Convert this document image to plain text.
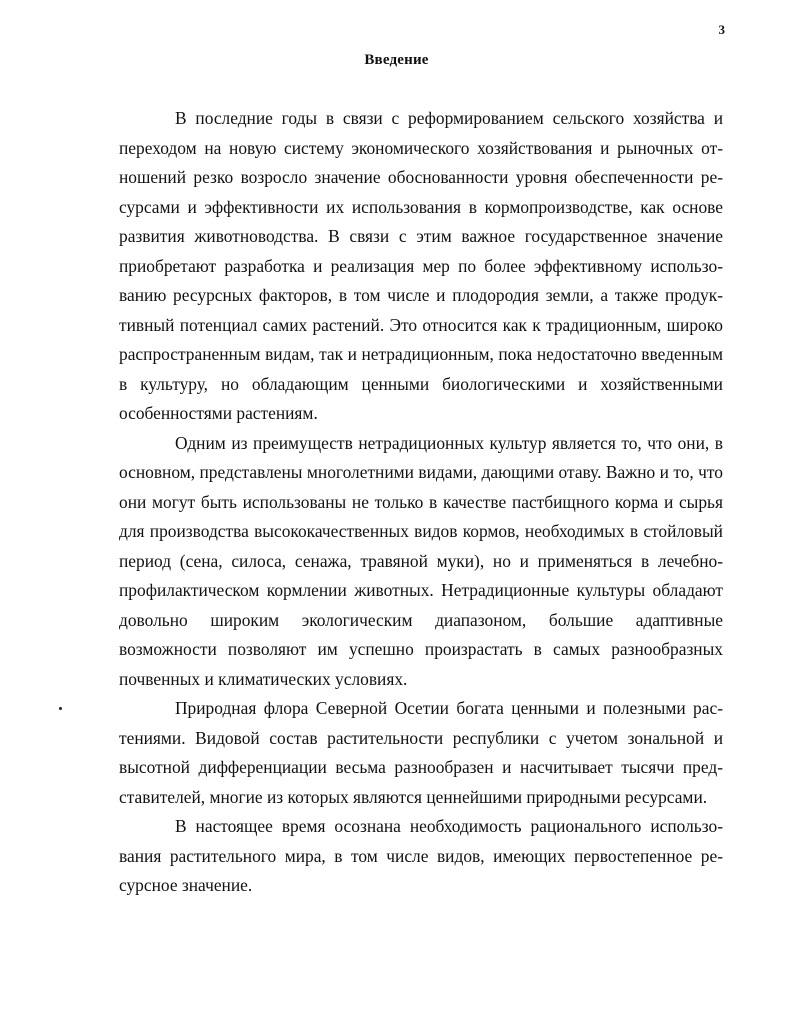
3
Введение

В последние годы в связи с реформированием сельского хозяйства и переходом на новую систему экономического хозяйствования и рыночных отношений резко возросло значение обоснованности уровня обеспеченности ресурсами и эффективности их использования в кормопроизводстве, как основе развития животноводства. В связи с этим важное государственное значение приобретают разработка и реализация мер по более эффективному использованию ресурсных факторов, в том числе и плодородия земли, а также продуктивный потенциал самих растений. Это относится как к традиционным, широко распространенным видам, так и нетрадиционным, пока недостаточно введенным в культуру, но обладающим ценными биологическими и хозяйственными особенностями растениям.

Одним из преимуществ нетрадиционных культур является то, что они, в основном, представлены многолетними видами, дающими отаву. Важно и то, что они могут быть использованы не только в качестве пастбищного корма и сырья для производства высококачественных видов кормов, необходимых в стойловый период (сена, силоса, сенажа, травяной муки), но и применяться в лечебно-профилактическом кормлении животных. Нетрадиционные культуры обладают довольно широким экологическим диапазоном, большие адаптивные возможности позволяют им успешно произрастать в самых разнообразных почвенных и климатических условиях.

Природная флора Северной Осетии богата ценными и полезными растениями. Видовой состав растительности республики с учетом зональной и высотной дифференциации весьма разнообразен и насчитывает тысячи представителей, многие из которых являются ценнейшими природными ресурсами.

В настоящее время осознана необходимость рационального использования растительного мира, в том числе видов, имеющих первостепенное ресурсное значение.
